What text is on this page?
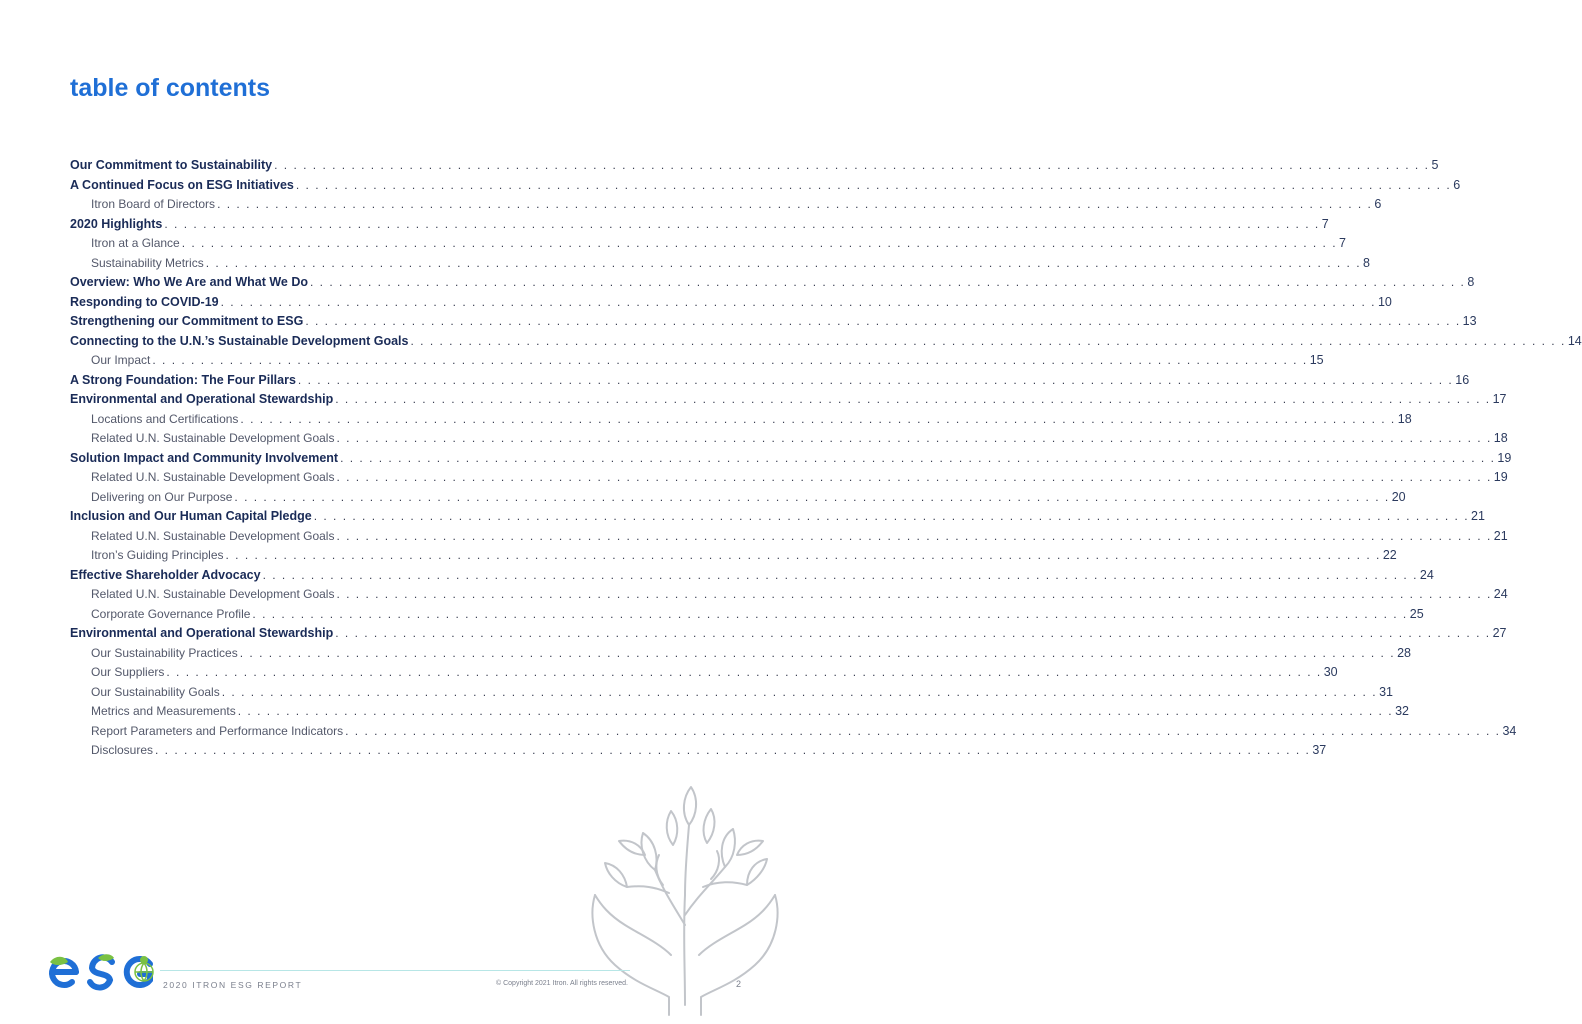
table of contents
Our Commitment to Sustainability . . . . . . . . . . . . . . . . . . . . . . . . . . . . . . . . . . . . . . . . . . . . . . . . . . . . . . . . . . . . . . . . . . . . . . . . . . . . . . . . . . . . . . . . . . . . . . . . . . . . . . . . . . . . . . . . . . . . . . . . 5
A Continued Focus on ESG Initiatives . . . . . . . . . . . . . . . . . . . . . . . . . . . . . . . . . . . . . . . . . . . . . . . . . . . . . . . . . . . . . . . . . . . . . . . . . . . . . . . . . . . . . . . . . . . . . . . . . . . . . . . . . . . . . . . . . . . . . . . . 6
Itron Board of Directors . . . . . . . . . . . . . . . . . . . . . . . . . . . . . . . . . . . . . . . . . . . . . . . . . . . . . . . . . . . . . . . . . . . . . . . . . . . . . . . . . . . . . . . . . . . . . . . . . . . . . . . . . . . . . . . . . . . . . . . . 6
2020 Highlights . . . . . . . . . . . . . . . . . . . . . . . . . . . . . . . . . . . . . . . . . . . . . . . . . . . . . . . . . . . . . . . . . . . . . . . . . . . . . . . . . . . . . . . . . . . . . . . . . . . . . . . . . . . . . . . . . . . . . . . . 7
Itron at a Glance . . . . . . . . . . . . . . . . . . . . . . . . . . . . . . . . . . . . . . . . . . . . . . . . . . . . . . . . . . . . . . . . . . . . . . . . . . . . . . . . . . . . . . . . . . . . . . . . . . . . . . . . . . . . . . . . . . . . . . . . 7
Sustainability Metrics . . . . . . . . . . . . . . . . . . . . . . . . . . . . . . . . . . . . . . . . . . . . . . . . . . . . . . . . . . . . . . . . . . . . . . . . . . . . . . . . . . . . . . . . . . . . . . . . . . . . . . . . . . . . . . . . . . . . . . . . 8
Overview: Who We Are and What We Do . . . . . . . . . . . . . . . . . . . . . . . . . . . . . . . . . . . . . . . . . . . . . . . . . . . . . . . . . . . . . . . . . . . . . . . . . . . . . . . . . . . . . . . . . . . . . . . . . . . . . . . . . . . . . . . . . . . . . . . . 8
Responding to COVID-19 . . . . . . . . . . . . . . . . . . . . . . . . . . . . . . . . . . . . . . . . . . . . . . . . . . . . . . . . . . . . . . . . . . . . . . . . . . . . . . . . . . . . . . . . . . . . . . . . . . . . . . . . . . . . . . . . . . . . . . . . 10
Strengthening our Commitment to ESG . . . . . . . . . . . . . . . . . . . . . . . . . . . . . . . . . . . . . . . . . . . . . . . . . . . . . . . . . . . . . . . . . . . . . . . . . . . . . . . . . . . . . . . . . . . . . . . . . . . . . . . . . . . . . . . . . . . . . . . . 13
Connecting to the U.N.’s Sustainable Development Goals . . . . . . . . . . . . . . . . . . . . . . . . . . . . . . . . . . . . . . . . . . . . . . . . . . . . . . . . . . . . . . . . . . . . . . . . . . . . . . . . . . . . . . . . . . . . . . . . . . . . . . . . . . . . . . . . . . . . . . . . 14
Our Impact . . . . . . . . . . . . . . . . . . . . . . . . . . . . . . . . . . . . . . . . . . . . . . . . . . . . . . . . . . . . . . . . . . . . . . . . . . . . . . . . . . . . . . . . . . . . . . . . . . . . . . . . . . . . . . . . . . . . . . . . 15
A Strong Foundation: The Four Pillars . . . . . . . . . . . . . . . . . . . . . . . . . . . . . . . . . . . . . . . . . . . . . . . . . . . . . . . . . . . . . . . . . . . . . . . . . . . . . . . . . . . . . . . . . . . . . . . . . . . . . . . . . . . . . . . . . . . . . . . . 16
Environmental and Operational Stewardship . . . . . . . . . . . . . . . . . . . . . . . . . . . . . . . . . . . . . . . . . . . . . . . . . . . . . . . . . . . . . . . . . . . . . . . . . . . . . . . . . . . . . . . . . . . . . . . . . . . . . . . . . . . . . . . . . . . . . . . . 17
Locations and Certifications . . . . . . . . . . . . . . . . . . . . . . . . . . . . . . . . . . . . . . . . . . . . . . . . . . . . . . . . . . . . . . . . . . . . . . . . . . . . . . . . . . . . . . . . . . . . . . . . . . . . . . . . . . . . . . . . . . . . . . . . 18
Related U.N. Sustainable Development Goals . . . . . . . . . . . . . . . . . . . . . . . . . . . . . . . . . . . . . . . . . . . . . . . . . . . . . . . . . . . . . . . . . . . . . . . . . . . . . . . . . . . . . . . . . . . . . . . . . . . . . . . . . . . . . . . . . . . . . . . . 18
Solution Impact and Community Involvement . . . . . . . . . . . . . . . . . . . . . . . . . . . . . . . . . . . . . . . . . . . . . . . . . . . . . . . . . . . . . . . . . . . . . . . . . . . . . . . . . . . . . . . . . . . . . . . . . . . . . . . . . . . . . . . . . . . . . . . . 19
Related U.N. Sustainable Development Goals . . . . . . . . . . . . . . . . . . . . . . . . . . . . . . . . . . . . . . . . . . . . . . . . . . . . . . . . . . . . . . . . . . . . . . . . . . . . . . . . . . . . . . . . . . . . . . . . . . . . . . . . . . . . . . . . . . . . . . . . 19
Delivering on Our Purpose . . . . . . . . . . . . . . . . . . . . . . . . . . . . . . . . . . . . . . . . . . . . . . . . . . . . . . . . . . . . . . . . . . . . . . . . . . . . . . . . . . . . . . . . . . . . . . . . . . . . . . . . . . . . . . . . . . . . . . . . 20
Inclusion and Our Human Capital Pledge . . . . . . . . . . . . . . . . . . . . . . . . . . . . . . . . . . . . . . . . . . . . . . . . . . . . . . . . . . . . . . . . . . . . . . . . . . . . . . . . . . . . . . . . . . . . . . . . . . . . . . . . . . . . . . . . . . . . . . . . 21
Related U.N. Sustainable Development Goals . . . . . . . . . . . . . . . . . . . . . . . . . . . . . . . . . . . . . . . . . . . . . . . . . . . . . . . . . . . . . . . . . . . . . . . . . . . . . . . . . . . . . . . . . . . . . . . . . . . . . . . . . . . . . . . . . . . . . . . . 21
Itron’s Guiding Principles . . . . . . . . . . . . . . . . . . . . . . . . . . . . . . . . . . . . . . . . . . . . . . . . . . . . . . . . . . . . . . . . . . . . . . . . . . . . . . . . . . . . . . . . . . . . . . . . . . . . . . . . . . . . . . . . . . . . . . . . 22
Effective Shareholder Advocacy . . . . . . . . . . . . . . . . . . . . . . . . . . . . . . . . . . . . . . . . . . . . . . . . . . . . . . . . . . . . . . . . . . . . . . . . . . . . . . . . . . . . . . . . . . . . . . . . . . . . . . . . . . . . . . . . . . . . . . . . 24
Related U.N. Sustainable Development Goals . . . . . . . . . . . . . . . . . . . . . . . . . . . . . . . . . . . . . . . . . . . . . . . . . . . . . . . . . . . . . . . . . . . . . . . . . . . . . . . . . . . . . . . . . . . . . . . . . . . . . . . . . . . . . . . . . . . . . . . . 24
Corporate Governance Profile . . . . . . . . . . . . . . . . . . . . . . . . . . . . . . . . . . . . . . . . . . . . . . . . . . . . . . . . . . . . . . . . . . . . . . . . . . . . . . . . . . . . . . . . . . . . . . . . . . . . . . . . . . . . . . . . . . . . . . . . 25
Environmental and Operational Stewardship . . . . . . . . . . . . . . . . . . . . . . . . . . . . . . . . . . . . . . . . . . . . . . . . . . . . . . . . . . . . . . . . . . . . . . . . . . . . . . . . . . . . . . . . . . . . . . . . . . . . . . . . . . . . . . . . . . . . . . . . 27
Our Sustainability Practices . . . . . . . . . . . . . . . . . . . . . . . . . . . . . . . . . . . . . . . . . . . . . . . . . . . . . . . . . . . . . . . . . . . . . . . . . . . . . . . . . . . . . . . . . . . . . . . . . . . . . . . . . . . . . . . . . . . . . . . . 28
Our Suppliers . . . . . . . . . . . . . . . . . . . . . . . . . . . . . . . . . . . . . . . . . . . . . . . . . . . . . . . . . . . . . . . . . . . . . . . . . . . . . . . . . . . . . . . . . . . . . . . . . . . . . . . . . . . . . . . . . . . . . . . . 30
Our Sustainability Goals . . . . . . . . . . . . . . . . . . . . . . . . . . . . . . . . . . . . . . . . . . . . . . . . . . . . . . . . . . . . . . . . . . . . . . . . . . . . . . . . . . . . . . . . . . . . . . . . . . . . . . . . . . . . . . . . . . . . . . . . 31
Metrics and Measurements . . . . . . . . . . . . . . . . . . . . . . . . . . . . . . . . . . . . . . . . . . . . . . . . . . . . . . . . . . . . . . . . . . . . . . . . . . . . . . . . . . . . . . . . . . . . . . . . . . . . . . . . . . . . . . . . . . . . . . . . 32
Report Parameters and Performance Indicators . . . . . . . . . . . . . . . . . . . . . . . . . . . . . . . . . . . . . . . . . . . . . . . . . . . . . . . . . . . . . . . . . . . . . . . . . . . . . . . . . . . . . . . . . . . . . . . . . . . . . . . . . . . . . . . . . . . . . . . . 34
Disclosures . . . . . . . . . . . . . . . . . . . . . . . . . . . . . . . . . . . . . . . . . . . . . . . . . . . . . . . . . . . . . . . . . . . . . . . . . . . . . . . . . . . . . . . . . . . . . . . . . . . . . . . . . . . . . . . . . . . . . . . . 37
2020 ITRON ESG REPORT	© Copyright 2021 Itron. All rights reserved.	2
